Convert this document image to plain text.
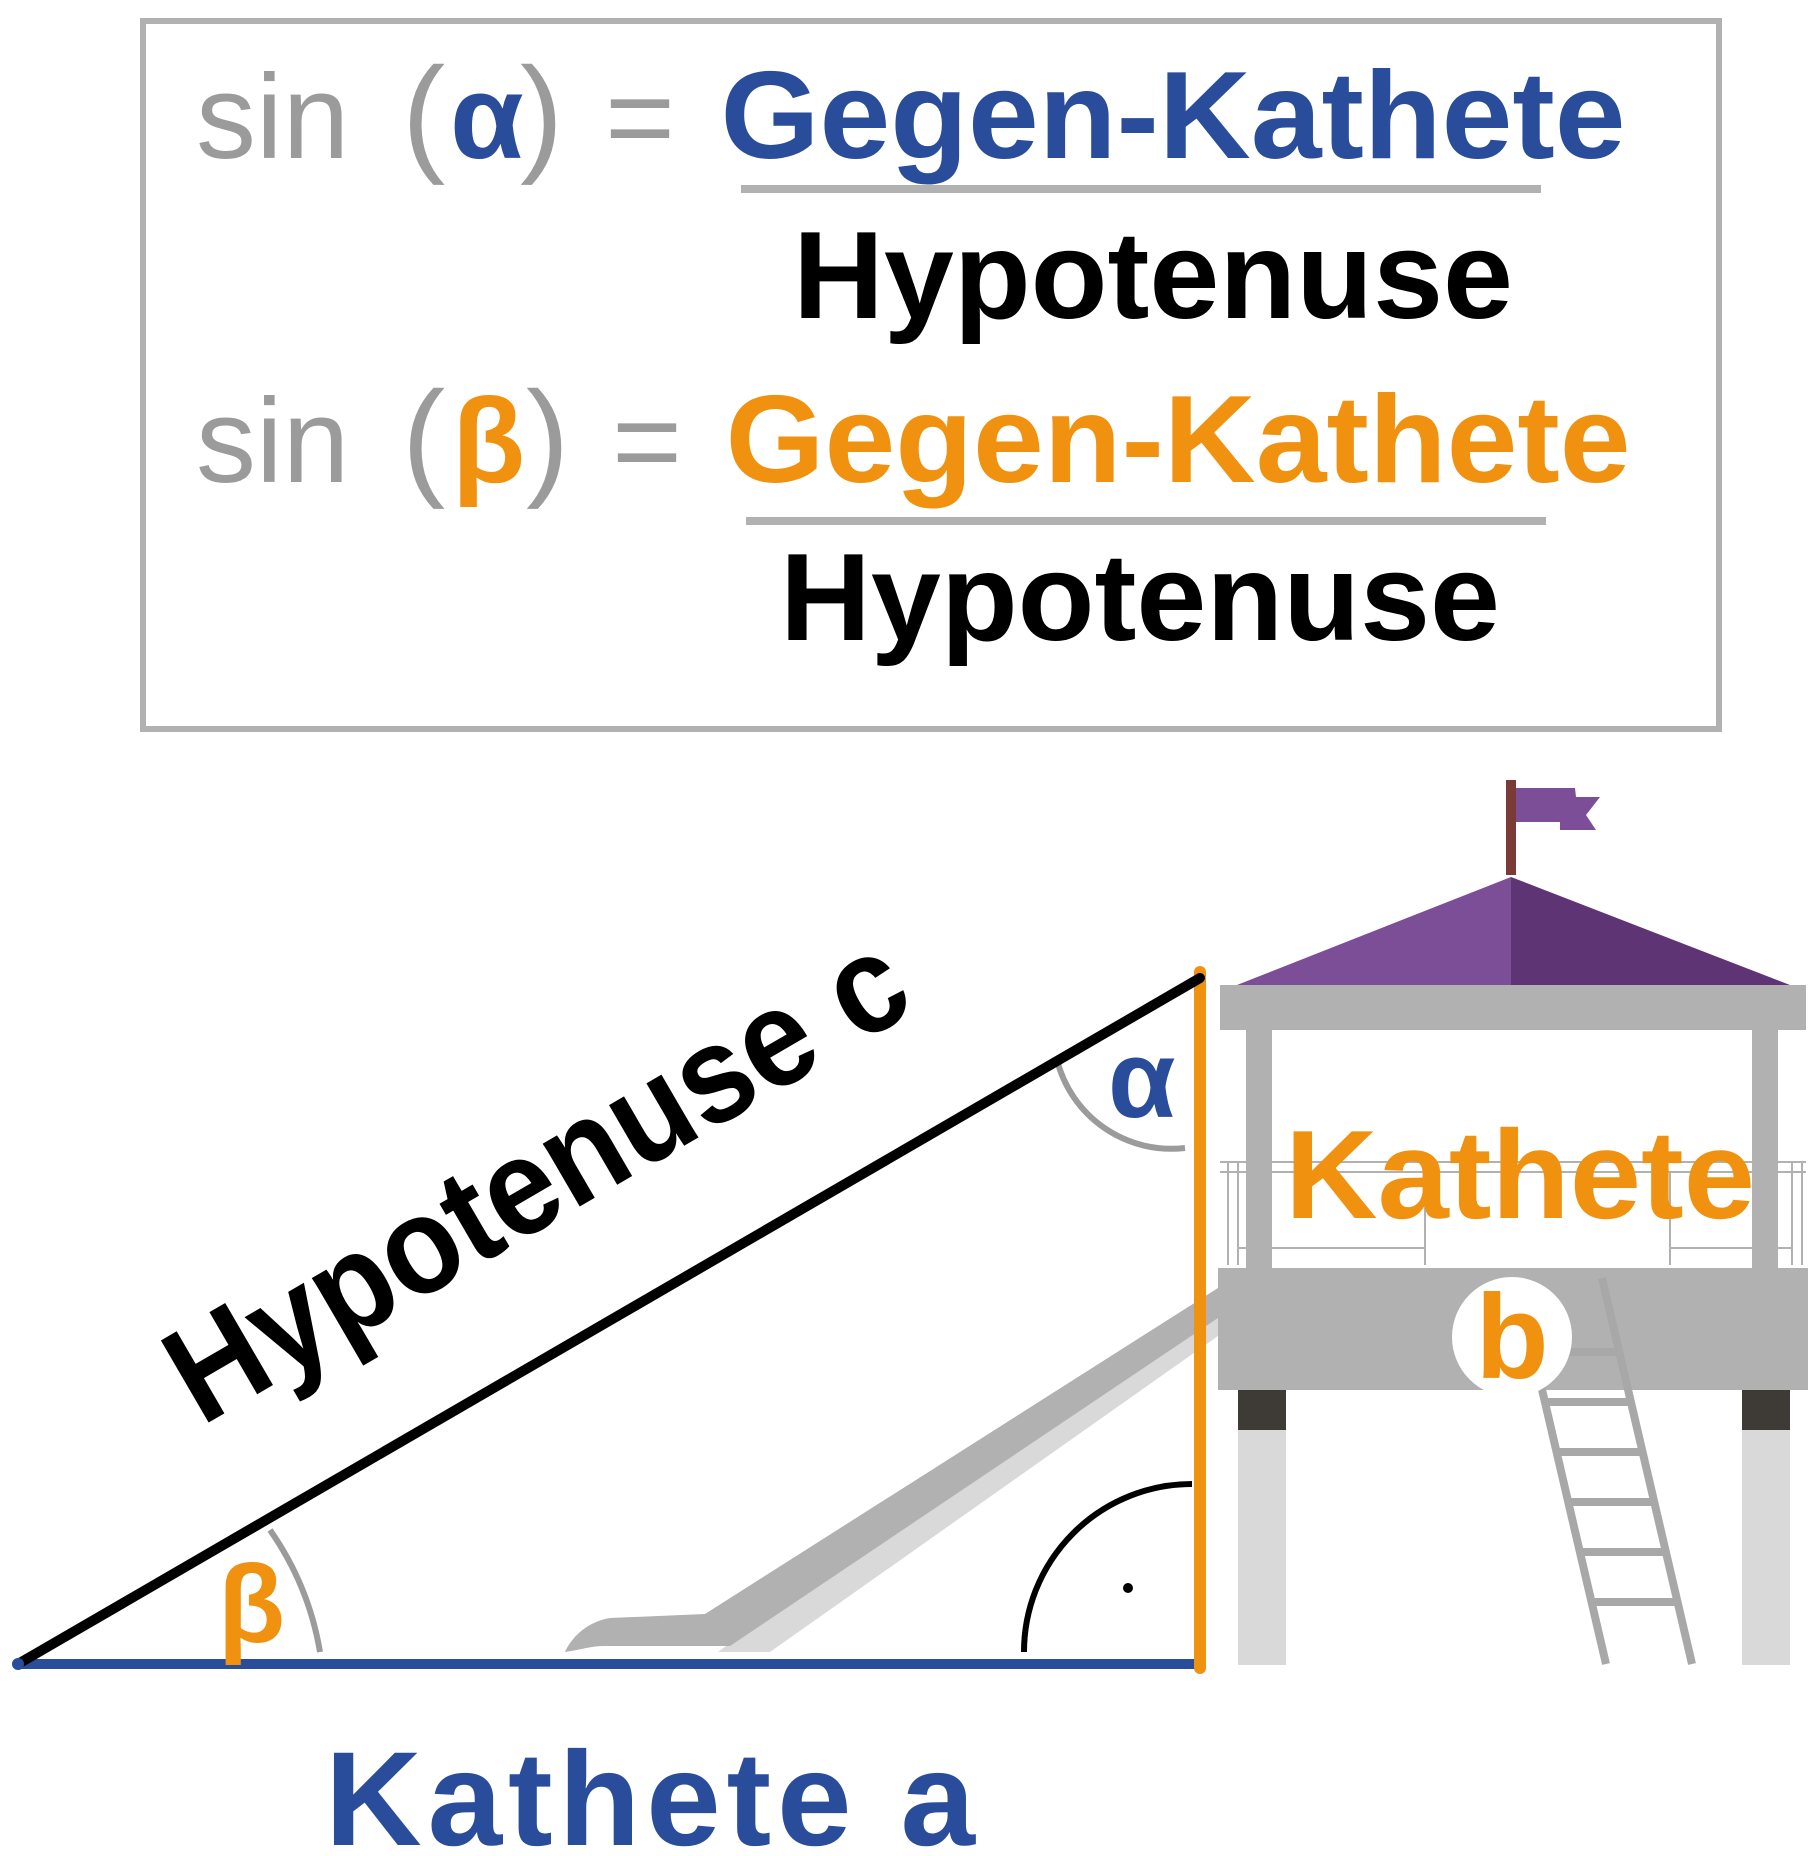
sin ( α
) = Gegen-Kathete
Hypotenuse
sin ( β ) = Gegen-Kathete
Hypotenuse
α
β
Hypotenuse c Kathete
b
Kathete a
